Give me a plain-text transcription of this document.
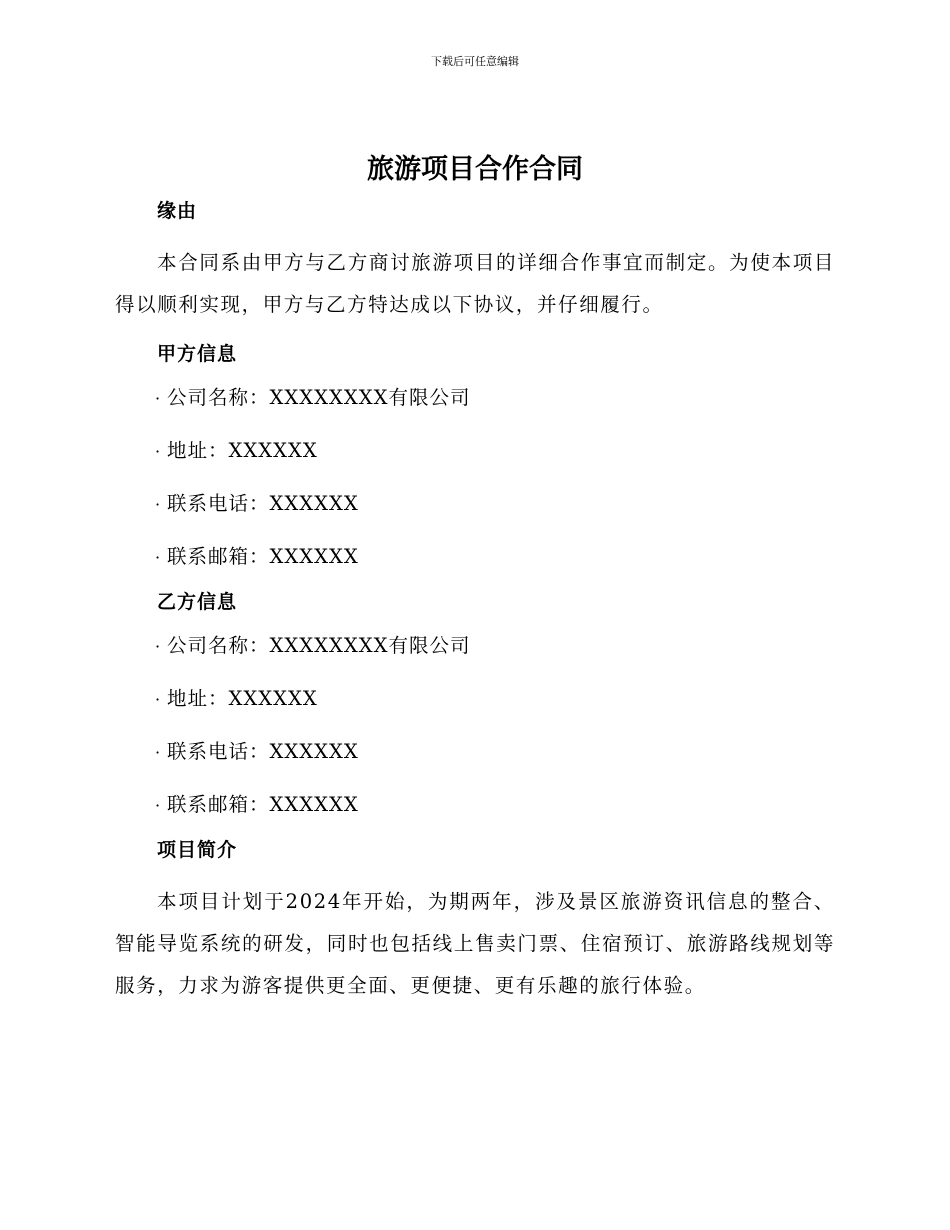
下载后可任意编辑
旅游项目合作合同
缘由

本合同系由甲方与乙方商讨旅游项目的详细合作事宜而制定。为使本项目得以顺利实现，甲方与乙方特达成以下协议，并仔细履行。

甲方信息
· 公司名称：XXXXXXXX有限公司
· 地址：XXXXXX
· 联系电话：XXXXXX
· 联系邮箱：XXXXXX
乙方信息
· 公司名称：XXXXXXXX有限公司
· 地址：XXXXXX
· 联系电话：XXXXXX
· 联系邮箱：XXXXXX
项目简介

本项目计划于2024年开始，为期两年，涉及景区旅游资讯信息的整合、智能导览系统的研发，同时也包括线上售卖门票、住宿预订、旅游路线规划等服务，力求为游客提供更全面、更便捷、更有乐趣的旅行体验。
